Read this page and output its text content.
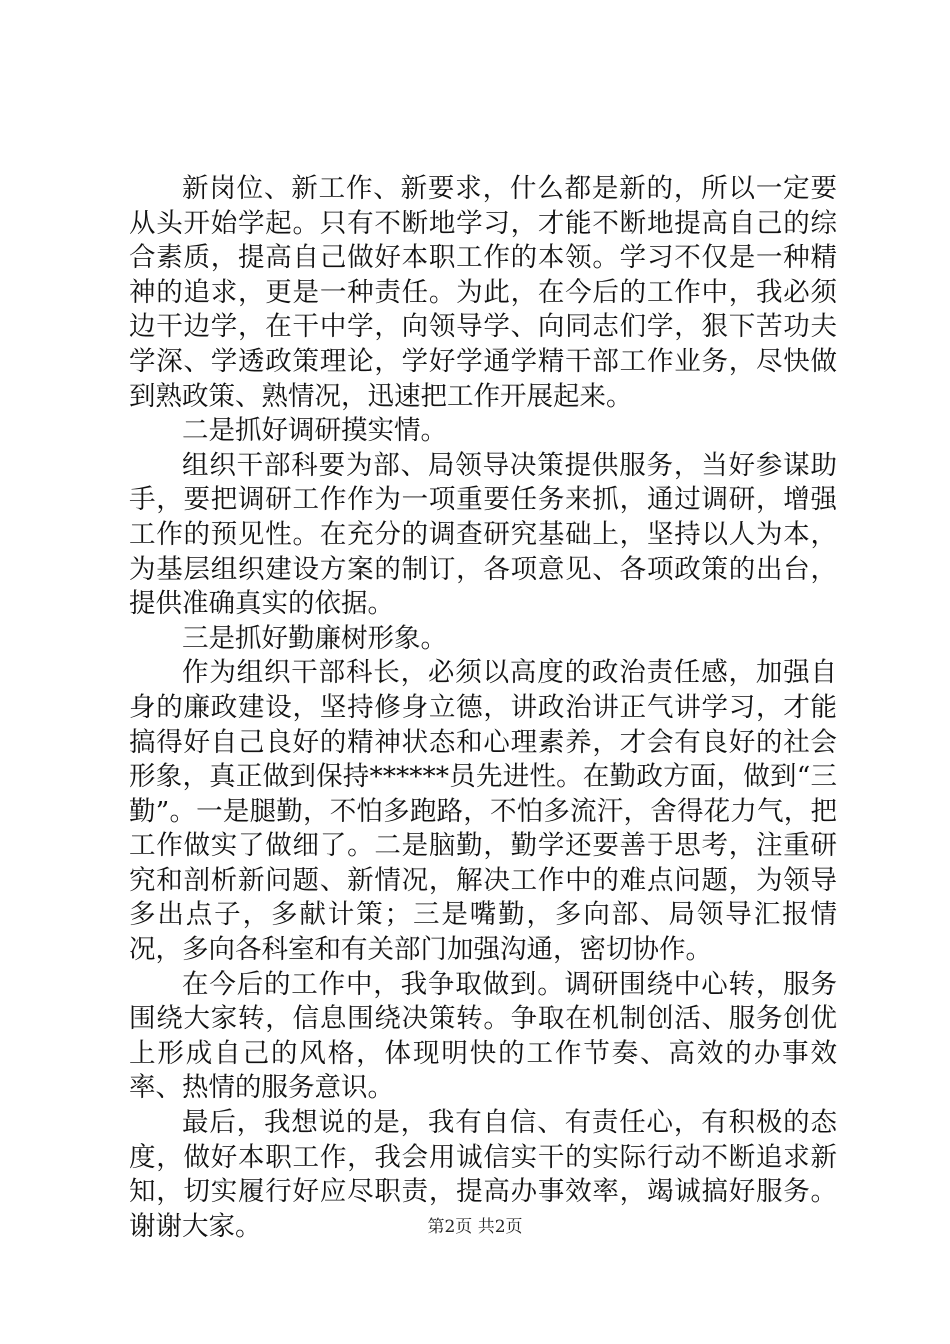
新岗位、新工作、新要求，什么都是新的，所以一定要从头开始学起。只有不断地学习，才能不断地提高自己的综合素质，提高自己做好本职工作的本领。学习不仅是一种精神的追求，更是一种责任。为此，在今后的工作中，我必须边干边学，在干中学，向领导学、向同志们学，狠下苦功夫学深、学透政策理论，学好学通学精干部工作业务，尽快做到熟政策、熟情况，迅速把工作开展起来。

二是抓好调研摸实情。

组织干部科要为部、局领导决策提供服务，当好参谋助手，要把调研工作作为一项重要任务来抓，通过调研，增强工作的预见性。在充分的调查研究基础上，坚持以人为本，为基层组织建设方案的制订，各项意见、各项政策的出台，提供准确真实的依据。

三是抓好勤廉树形象。

作为组织干部科长，必须以高度的政治责任感，加强自身的廉政建设，坚持修身立德，讲政治讲正气讲学习，才能搞得好自己良好的精神状态和心理素养，才会有良好的社会形象，真正做到保持******员先进性。在勤政方面，做到“三勤”。一是腿勤，不怕多跑路，不怕多流汗，舍得花力气，把工作做实了做细了。二是脑勤，勤学还要善于思考，注重研究和剖析新问题、新情况，解决工作中的难点问题，为领导多出点子，多献计策；三是嘴勤，多向部、局领导汇报情况，多向各科室和有关部门加强沟通，密切协作。

在今后的工作中，我争取做到。调研围绕中心转，服务围绕大家转，信息围绕决策转。争取在机制创活、服务创优上形成自己的风格，体现明快的工作节奏、高效的办事效率、热情的服务意识。

最后，我想说的是，我有自信、有责任心，有积极的态度，做好本职工作，我会用诚信实干的实际行动不断追求新知，切实履行好应尽职责，提高办事效率，竭诚搞好服务。谢谢大家。	第2页 共2页
